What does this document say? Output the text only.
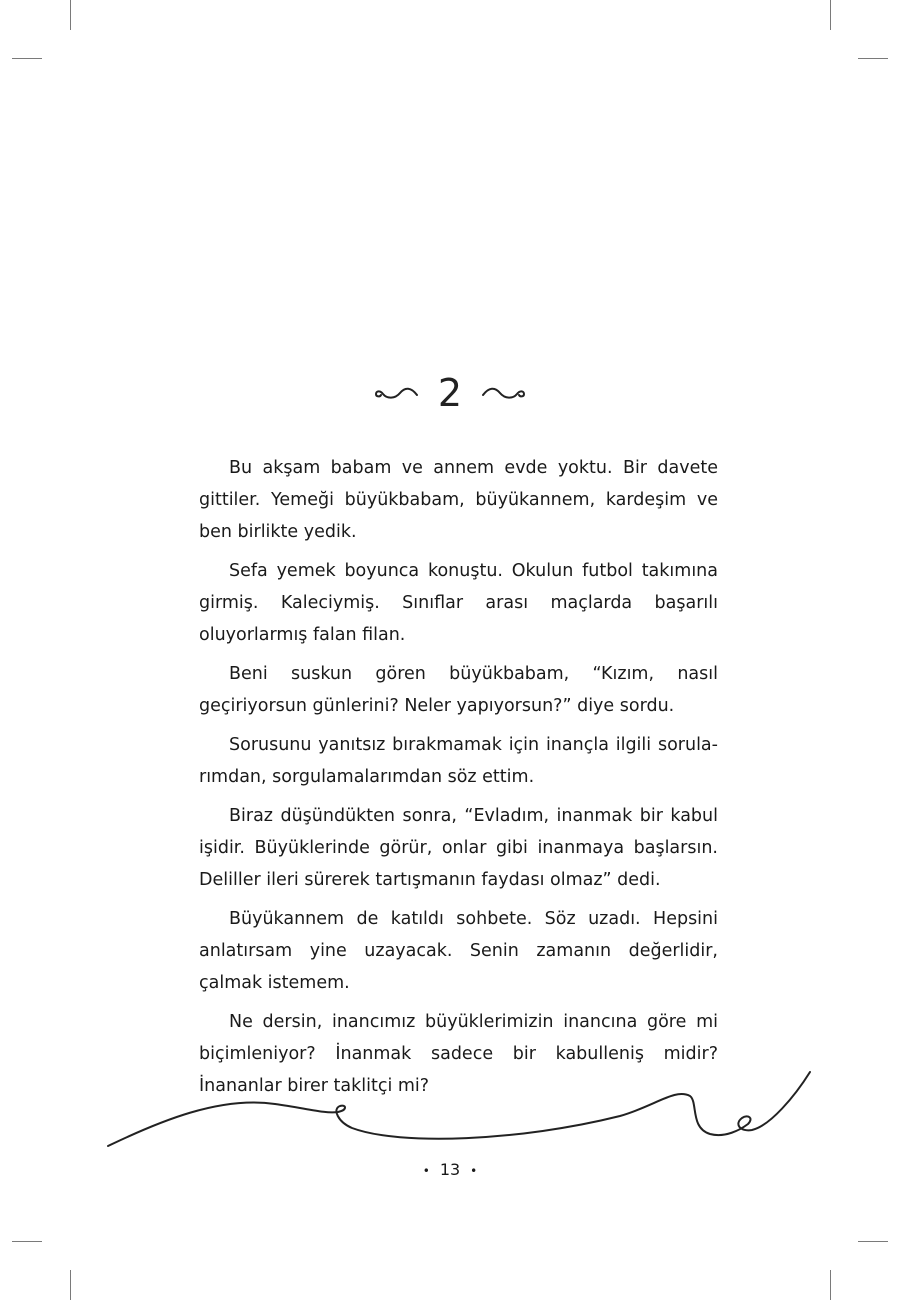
2

Bu akşam babam ve annem evde yoktu. Bir davete gittiler. Yemeği büyükbabam, büyükannem, kardeşim ve ben birlikte yedik.

Sefa yemek boyunca konuştu. Okulun futbol takımına girmiş. Kaleciymiş. Sınıflar arası maçlarda başarılı oluyorlarmış falan filan.

Beni suskun gören büyükbabam, “Kızım, nasıl geçiriyorsun günlerini? Neler yapıyorsun?” diye sordu.

Sorusunu yanıtsız bırakmamak için inançla ilgili sorularımdan, sorgulamalarımdan söz ettim.

Biraz düşündükten sonra, “Evladım, inanmak bir kabul işidir. Büyüklerinde görür, onlar gibi inanmaya başlarsın. Deliller ileri sürerek tartışmanın faydası olmaz” dedi.

Büyükannem de katıldı sohbete. Söz uzadı. Hepsini anlatırsam yine uzayacak. Senin zamanın değerlidir, çalmak istemem.

Ne dersin, inancımız büyüklerimizin inancına göre mi biçimleniyor? İnanmak sadece bir kabulleniş midir? İnananlar birer taklitçi mi?

• 13 •
